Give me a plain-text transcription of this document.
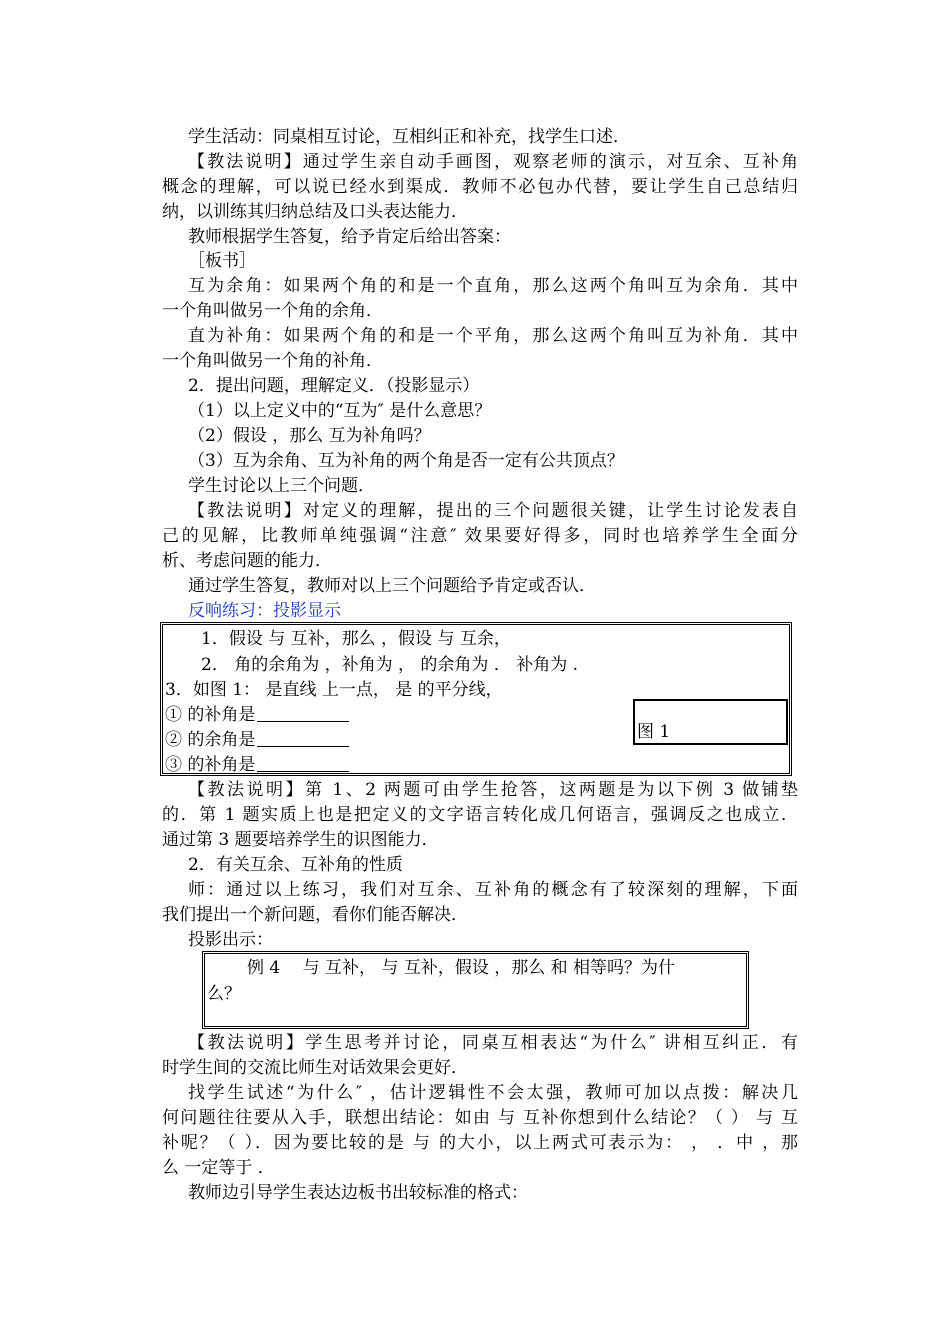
学生活动：同桌相互讨论，互相纠正和补充，找学生口述．
【教法说明】通过学生亲自动手画图，观察老师的演示，对互余、互补角
概念的理解，可以说已经水到渠成．教师不必包办代替，要让学生自己总结归
纳，以训练其归纳总结及口头表达能力．
教师根据学生答复，给予肯定后给出答案：
［板书］
互为余角：如果两个角的和是一个直角，那么这两个角叫互为余角．其中
一个角叫做另一个角的余角．
直为补角：如果两个角的和是一个平角，那么这两个角叫互为补角．其中
一个角叫做另一个角的补角．
2．提出问题，理解定义．（投影显示）
（1）以上定义中的“互为″ 是什么意思？
（2）假设 ，那么 互为补角吗？
（3）互为余角、互为补角的两个角是否一定有公共顶点？
学生讨论以上三个问题．
【教法说明】对定义的理解，提出的三个问题很关键，让学生讨论发表自
己的见解，比教师单纯强调“注意″ 效果要好得多，同时也培养学生全面分
析、考虑问题的能力．
通过学生答复，教师对以上三个问题给予肯定或否认．
反响练习：投影显示
1．假设 与 互补，那么 ，假设 与 互余，
2． 角的余角为 ，补角为 ， 的余角为 ． 补角为 .
3．如图 1： 是直线 上一点， 是 的平分线，
① 的补角是
② 的余角是
③ 的补角是
图 1
【教法说明】第 1、2 两题可由学生抢答，这两题是为以下例 3 做铺垫
的．第 1 题实质上也是把定义的文字语言转化成几何语言，强调反之也成立．
通过第 3 题要培养学生的识图能力．
2．有关互余、互补角的性质
师：通过以上练习，我们对互余、互补角的概念有了较深刻的理解，下面
我们提出一个新问题，看你们能否解决．
投影出示：
例 4　 与 互补， 与 互补，假设 ，那么 和 相等吗？为什
么？
【教法说明】学生思考并讨论，同桌互相表达“为什么″ 讲相互纠正．有
时学生间的交流比师生对话效果会更好．
找学生试述“为什么″ ，估计逻辑性不会太强，教师可加以点拨：解决几
何问题往往要从入手，联想出结论：如由 与 互补你想到什么结论？（ ） 与 互
补呢？（ ）．因为要比较的是 与 的大小，以上两式可表示为： ， ．中 ，那
么 一定等于 ．
教师边引导学生表达边板书出较标准的格式：
